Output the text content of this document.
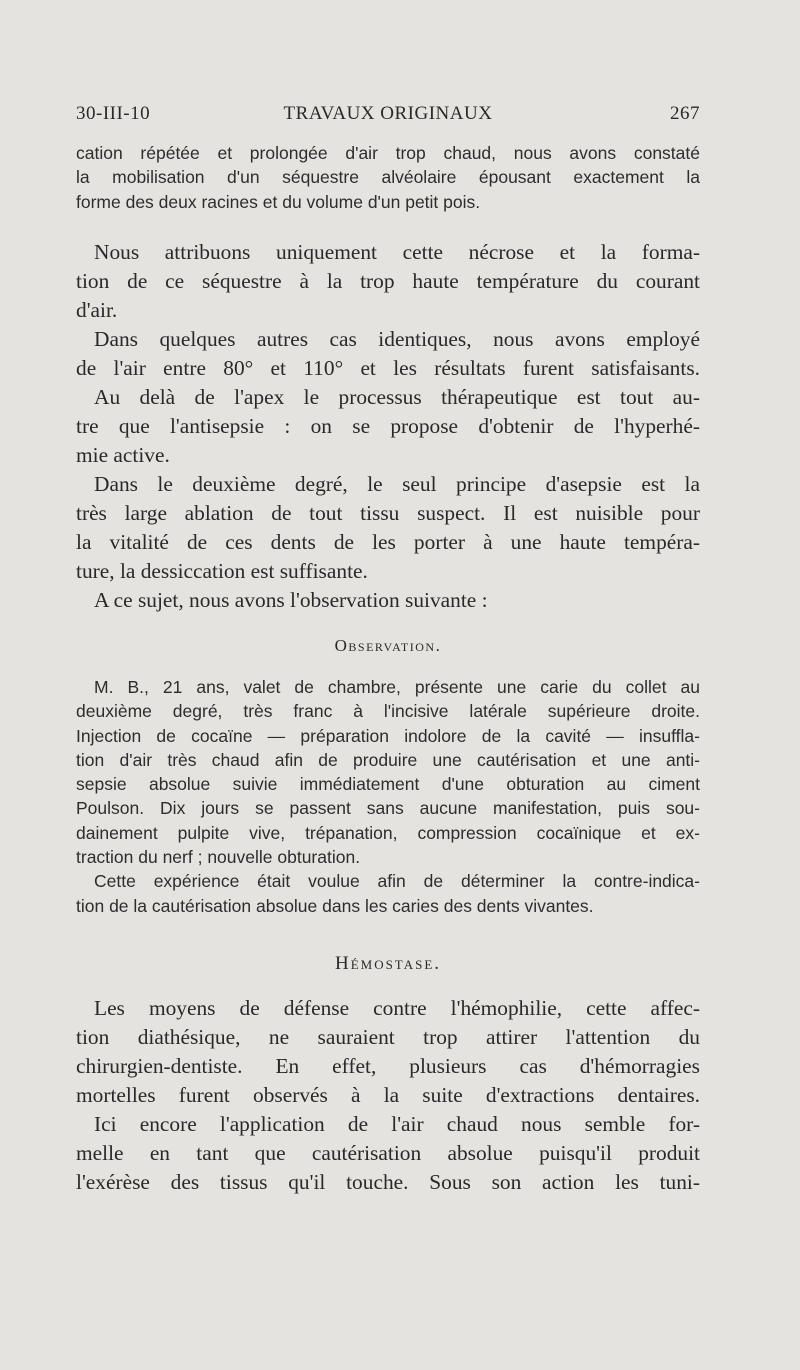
30-III-10	TRAVAUX ORIGINAUX	267
cation répétée et prolongée d'air trop chaud, nous avons constaté
la mobilisation d'un séquestre alvéolaire épousant exactement la
forme des deux racines et du volume d'un petit pois.
Nous attribuons uniquement cette nécrose et la forma-
tion de ce séquestre à la trop haute température du courant
d'air.
Dans quelques autres cas identiques, nous avons employé
de l'air entre 80° et 110° et les résultats furent satisfaisants.
Au delà de l'apex le processus thérapeutique est tout au-
tre que l'antisepsie : on se propose d'obtenir de l'hyperhé-
mie active.
Dans le deuxième degré, le seul principe d'asepsie est la
très large ablation de tout tissu suspect. Il est nuisible pour
la vitalité de ces dents de les porter à une haute tempéra-
ture, la dessiccation est suffisante.
A ce sujet, nous avons l'observation suivante :
Observation.
M. B., 21 ans, valet de chambre, présente une carie du collet au
deuxième degré, très franc à l'incisive latérale supérieure droite.
Injection de cocaïne — préparation indolore de la cavité — insuffla-
tion d'air très chaud afin de produire une cautérisation et une anti-
sepsie absolue suivie immédiatement d'une obturation au ciment
Poulson. Dix jours se passent sans aucune manifestation, puis sou-
dainement pulpite vive, trépanation, compression cocaïnique et ex-
traction du nerf ; nouvelle obturation.
Cette expérience était voulue afin de déterminer la contre-indica-
tion de la cautérisation absolue dans les caries des dents vivantes.
Hémostase.
Les moyens de défense contre l'hémophilie, cette affec-
tion diathésique, ne sauraient trop attirer l'attention du
chirurgien-dentiste. En effet, plusieurs cas d'hémorragies
mortelles furent observés à la suite d'extractions dentaires.
Ici encore l'application de l'air chaud nous semble for-
melle en tant que cautérisation absolue puisqu'il produit
l'exérèse des tissus qu'il touche. Sous son action les tuni-
